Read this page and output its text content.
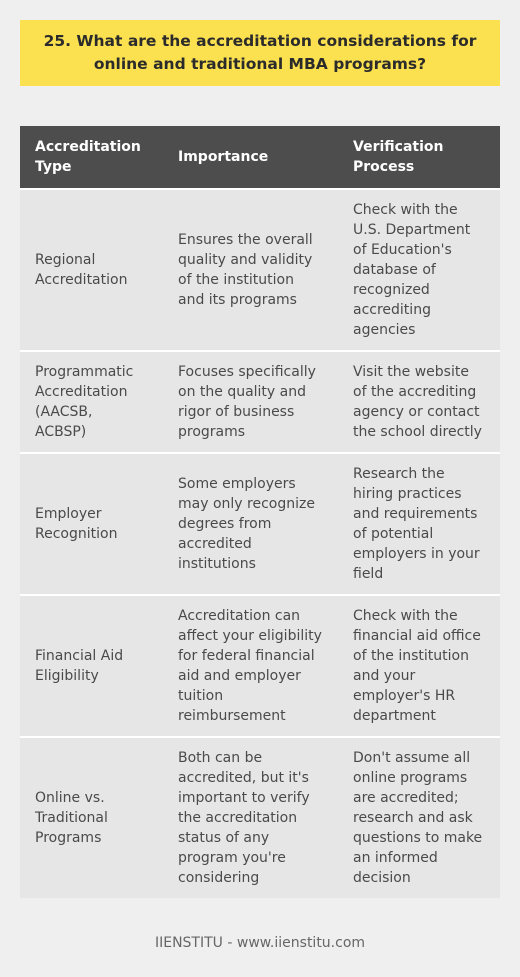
25. What are the accreditation considerations for online and traditional MBA programs?
Accreditation Type	Importance	Verification Process
Regional Accreditation	Ensures the overall quality and validity of the institution and its programs	Check with the U.S. Department of Education's database of recognized accrediting agencies
Programmatic Accreditation (AACSB, ACBSP)	Focuses specifically on the quality and rigor of business programs	Visit the website of the accrediting agency or contact the school directly
Employer Recognition	Some employers may only recognize degrees from accredited institutions	Research the hiring practices and requirements of potential employers in your field
Financial Aid Eligibility	Accreditation can affect your eligibility for federal financial aid and employer tuition reimbursement	Check with the financial aid office of the institution and your employer's HR department
Online vs. Traditional Programs	Both can be accredited, but it's important to verify the accreditation status of any program you're considering	Don't assume all online programs are accredited; research and ask questions to make an informed decision
IIENSTITU - www.iienstitu.com
